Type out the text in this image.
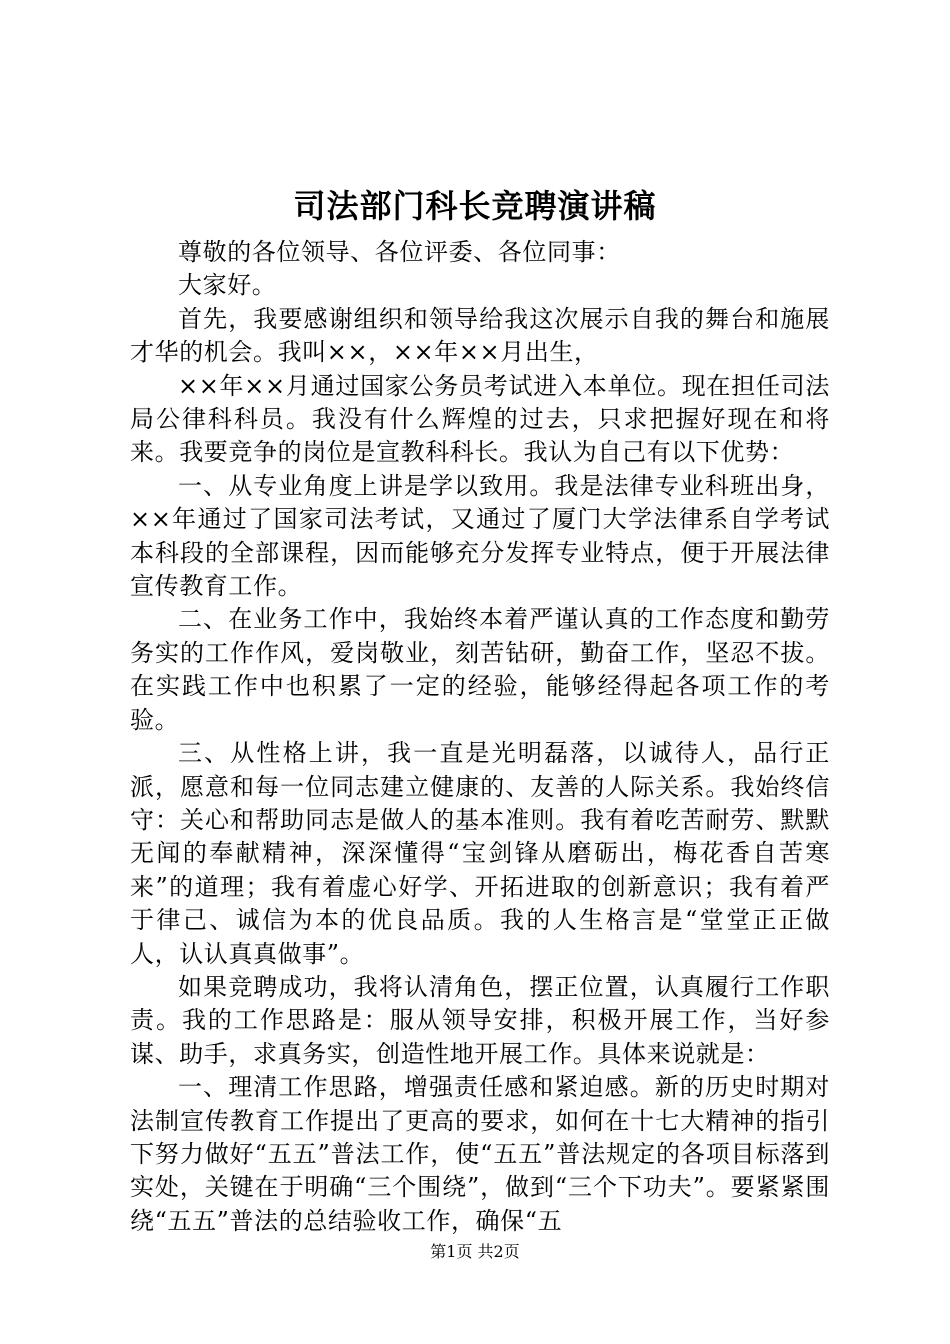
司法部门科长竞聘演讲稿

尊敬的各位领导、各位评委、各位同事：

大家好。

首先，我要感谢组织和领导给我这次展示自我的舞台和施展才华的机会。我叫××，××年××月出生，

××年××月通过国家公务员考试进入本单位。现在担任司法局公律科科员。我没有什么辉煌的过去，只求把握好现在和将来。我要竞争的岗位是宣教科科长。我认为自己有以下优势：

一、从专业角度上讲是学以致用。我是法律专业科班出身，××年通过了国家司法考试，又通过了厦门大学法律系自学考试本科段的全部课程，因而能够充分发挥专业特点，便于开展法律宣传教育工作。

二、在业务工作中，我始终本着严谨认真的工作态度和勤劳务实的工作作风，爱岗敬业，刻苦钻研，勤奋工作，坚忍不拔。在实践工作中也积累了一定的经验，能够经得起各项工作的考验。

三、从性格上讲，我一直是光明磊落，以诚待人，品行正派，愿意和每一位同志建立健康的、友善的人际关系。我始终信守：关心和帮助同志是做人的基本准则。我有着吃苦耐劳、默默无闻的奉献精神，深深懂得“宝剑锋从磨砺出，梅花香自苦寒来”的道理；我有着虚心好学、开拓进取的创新意识；我有着严于律己、诚信为本的优良品质。我的人生格言是“堂堂正正做人，认认真真做事”。

如果竞聘成功，我将认清角色，摆正位置，认真履行工作职责。我的工作思路是：服从领导安排，积极开展工作，当好参谋、助手，求真务实，创造性地开展工作。具体来说就是：

一、理清工作思路，增强责任感和紧迫感。新的历史时期对法制宣传教育工作提出了更高的要求，如何在十七大精神的指引下努力做好“五五”普法工作，使“五五”普法规定的各项目标落到实处，关键在于明确“三个围绕”，做到“三个下功夫”。要紧紧围绕“五五”普法的总结验收工作，确保“五

第1页 共2页
